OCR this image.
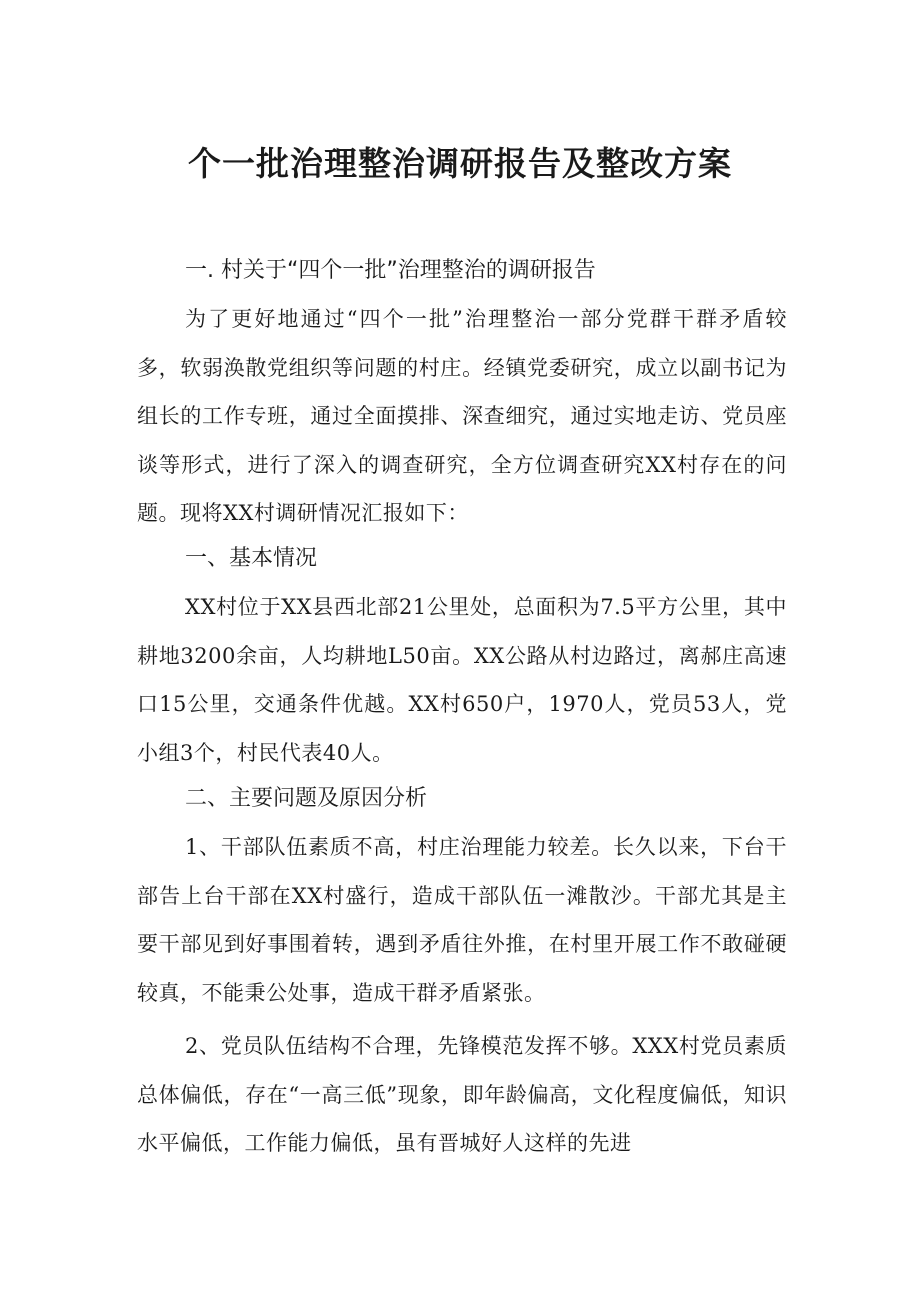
个一批治理整治调研报告及整改方案
一. 村关于“四个一批”治理整治的调研报告

为了更好地通过“四个一批”治理整治一部分党群干群矛盾较多，软弱涣散党组织等问题的村庄。经镇党委研究，成立以副书记为组长的工作专班，通过全面摸排、深查细究，通过实地走访、党员座谈等形式，进行了深入的调查研究，全方位调查研究XX村存在的问题。现将XX村调研情况汇报如下：

一、基本情况

XX村位于XX县西北部21公里处，总面积为7.5平方公里，其中耕地3200余亩，人均耕地L50亩。XX公路从村边路过，离郝庄高速口15公里，交通条件优越。XX村650户，1970人，党员53人，党小组3个，村民代表40人。

二、主要问题及原因分析

1、干部队伍素质不高，村庄治理能力较差。长久以来，下台干部告上台干部在XX村盛行，造成干部队伍一滩散沙。干部尤其是主要干部见到好事围着转，遇到矛盾往外推，在村里开展工作不敢碰硬较真，不能秉公处事，造成干群矛盾紧张。

2、党员队伍结构不合理，先锋模范发挥不够。XXX村党员素质总体偏低，存在“一高三低”现象，即年龄偏高，文化程度偏低，知识水平偏低，工作能力偏低，虽有晋城好人这样的先进
